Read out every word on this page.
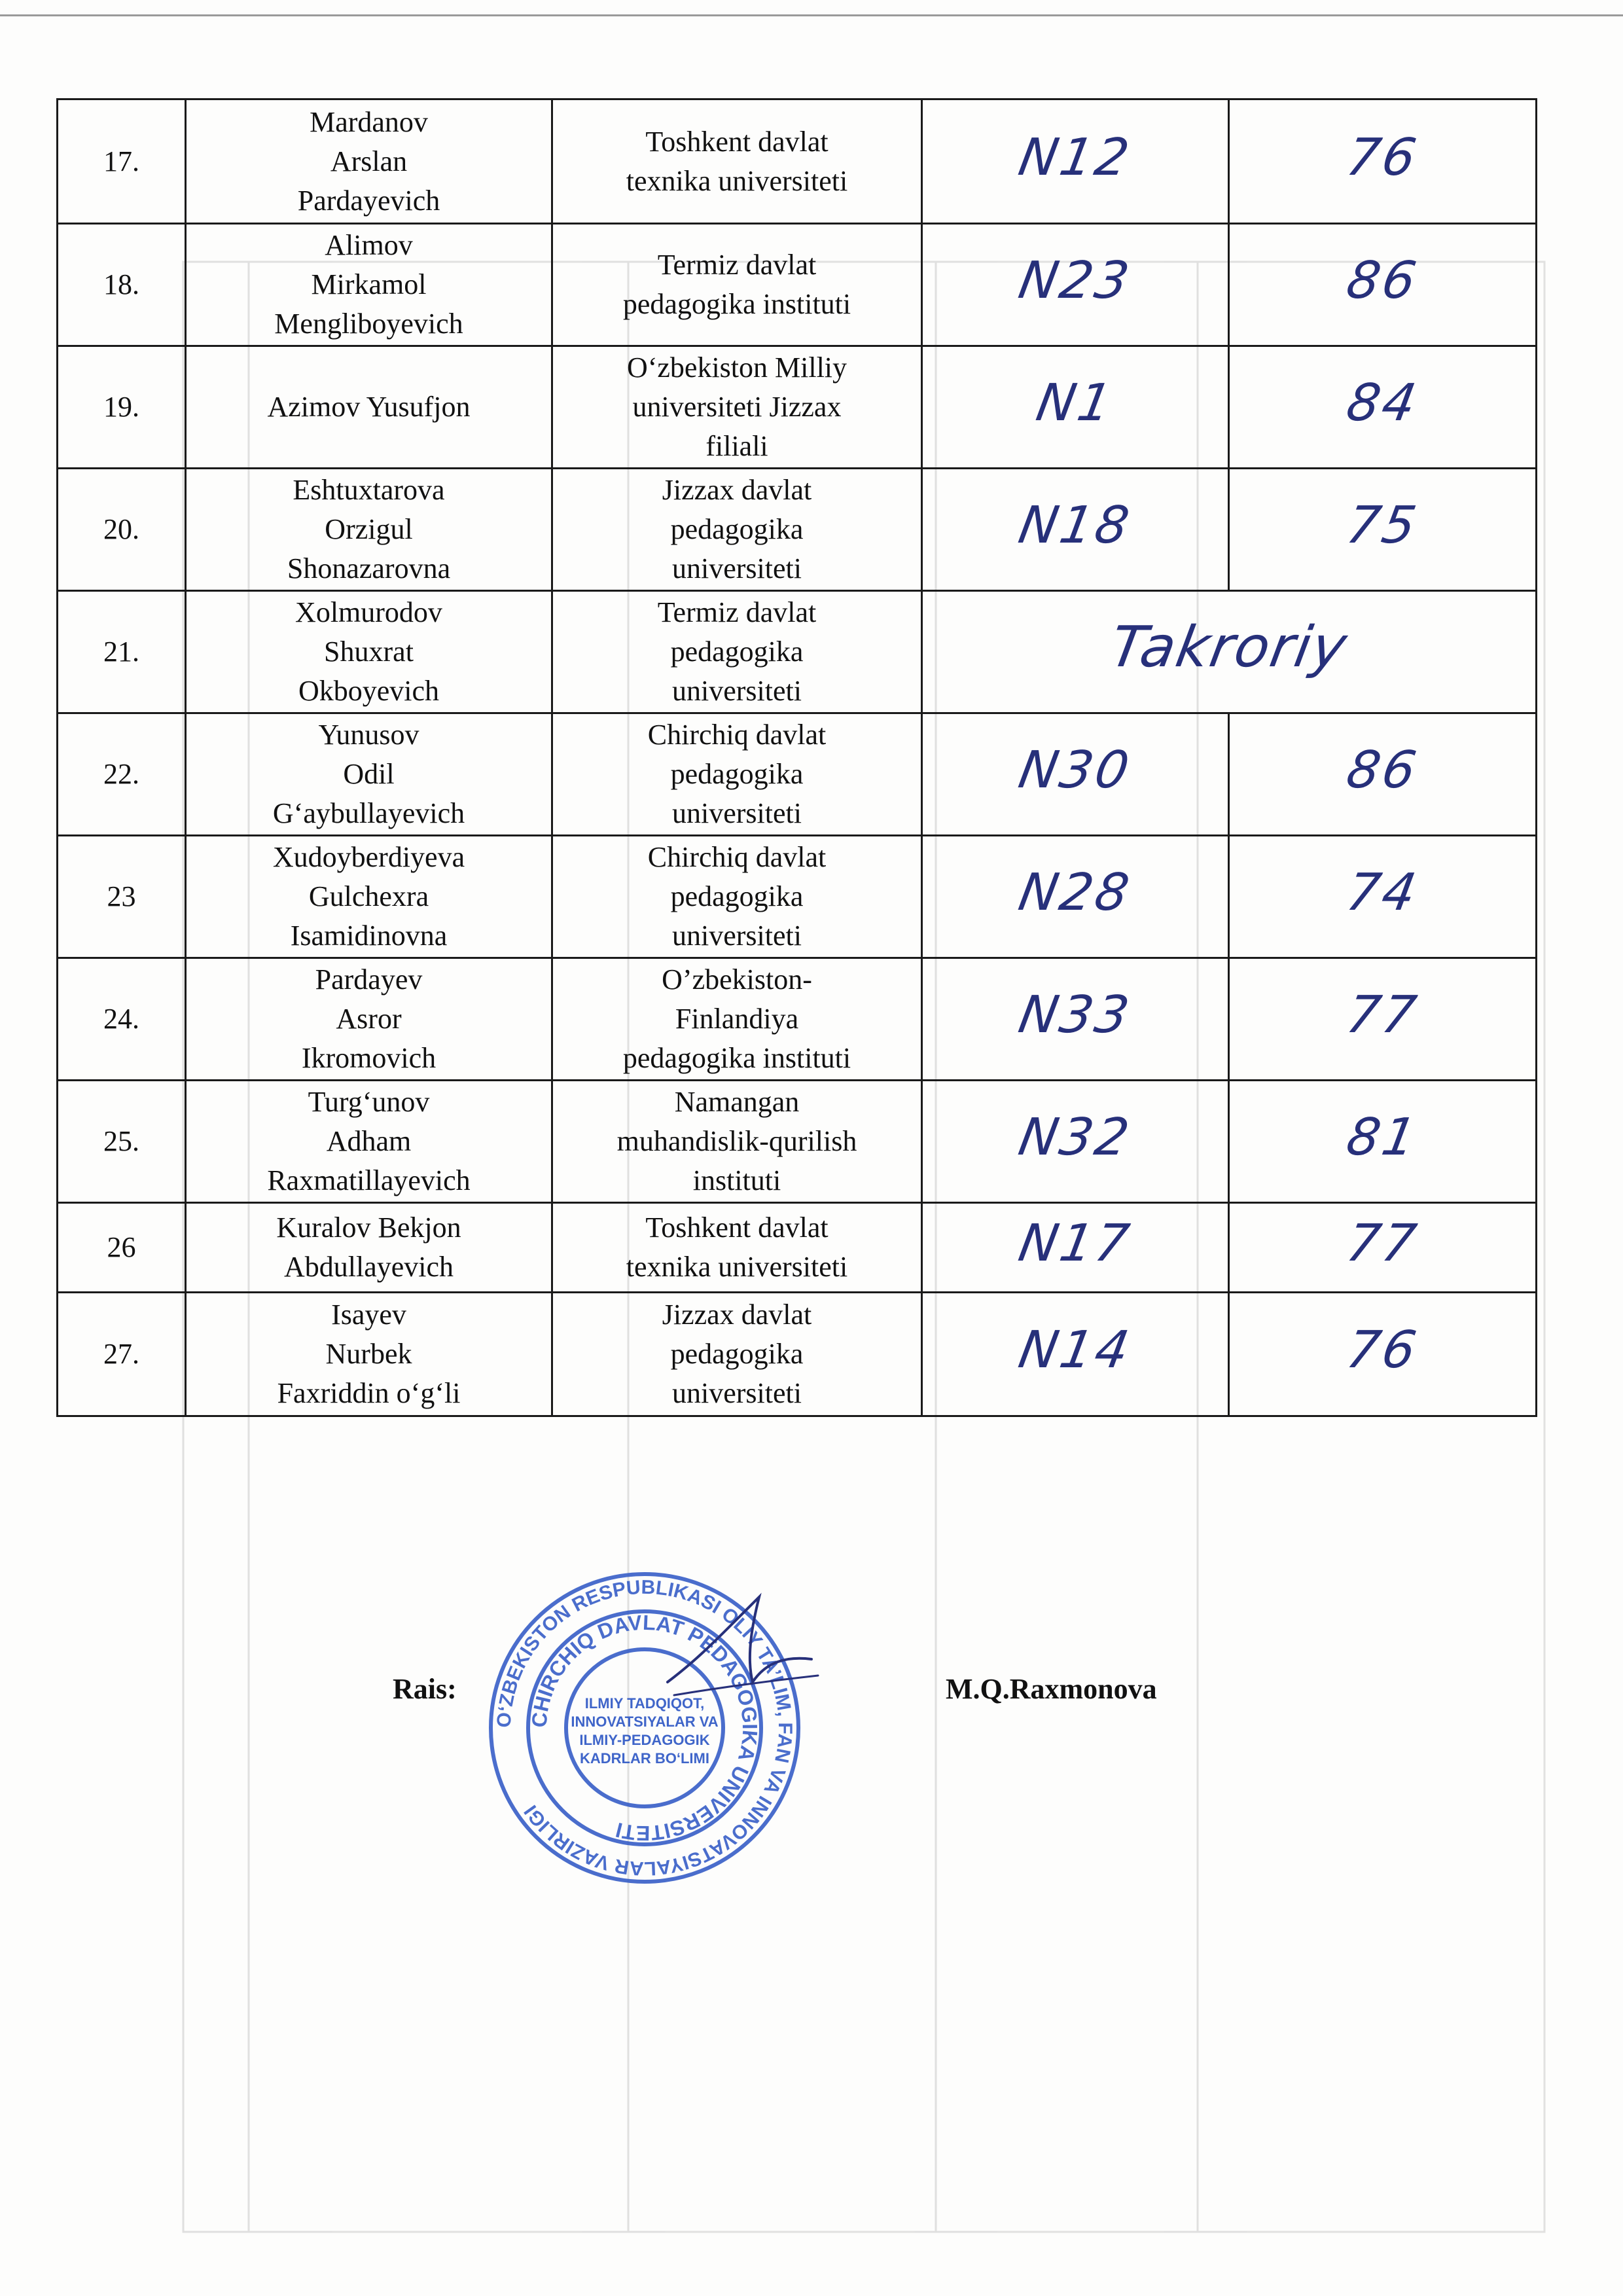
17.	Mardanov
Arslan
Pardayevich	Toshkent davlat
texnika universiteti	N12	76
18.	Alimov
Mirkamol
Mengliboyevich	Termiz davlat
pedagogika instituti	N23	86
19.	Azimov Yusufjon	O‘zbekiston Milliy
universiteti Jizzax
filiali	N1	84
20.	Eshtuxtarova
Orzigul
Shonazarovna	Jizzax davlat
pedagogika
universiteti	N18	75
21.	Xolmurodov
Shuxrat
Okboyevich	Termiz davlat
pedagogika
universiteti	Takroriy	
22.	Yunusov
Odil
G‘aybullayevich	Chirchiq davlat
pedagogika
universiteti	N30	86
23	Xudoyberdiyeva
Gulchexra
Isamidinovna	Chirchiq davlat
pedagogika
universiteti	N28	74
24.	Pardayev
Asror
Ikromovich	O’zbekiston-
Finlandiya
pedagogika instituti	N33	77
25.	Turg‘unov
Adham
Raxmatillayevich	Namangan
muhandislik-qurilish
instituti	N32	81
26	Kuralov Bekjon
Abdullayevich	Toshkent davlat
texnika universiteti	N17	77
27.	Isayev
Nurbek
Faxriddin o‘g‘li	Jizzax davlat
pedagogika
universiteti	N14	76
O‘ZBEKISTON RESPUBLIKASI OLIY TA’LIM, FAN VA INNOVATSIYALAR VAZIRLIGI
CHIRCHIQ DAVLAT PEDAGOGIKA UNIVERSITETI
ILMIY TADQIQOT,
INNOVATSIYALAR VA
ILMIY-PEDAGOGIK
KADRLAR BO‘LIMI
Rais:	M.Q.Raxmonova
